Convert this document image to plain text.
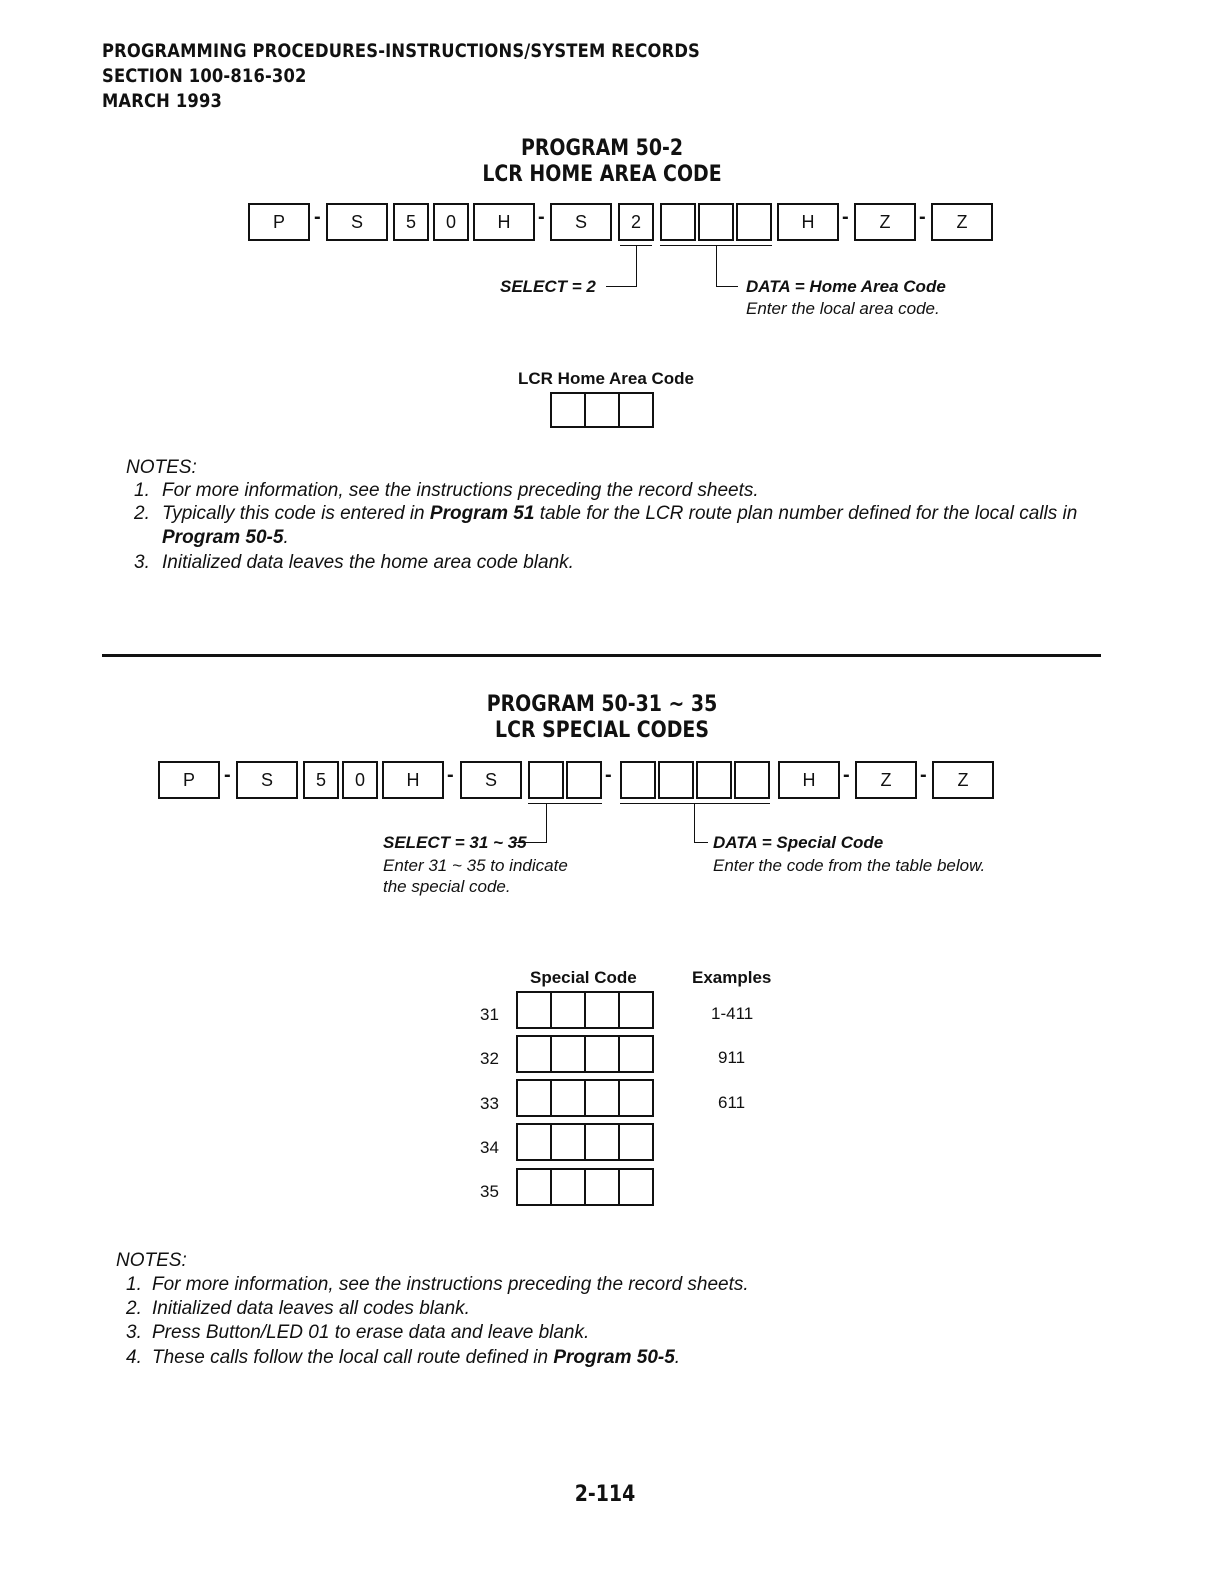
PROGRAMMING PROCEDURES-INSTRUCTIONS/SYSTEM RECORDS
SECTION 100-816-302
MARCH 1993
PROGRAM 50-2
LCR HOME AREA CODE
P	-	S	5	0	H	-	S	2	H	-	Z	-	Z
SELECT = 2	DATA = Home Area Code
Enter the local area code.
LCR Home Area Code
NOTES:
1. For more information, see the instructions preceding the record sheets.
2. Typically this code is entered in Program 51 table for the LCR route plan number defined for the local calls in
Program 50-5.
3. Initialized data leaves the home area code blank.
PROGRAM 50-31 ~ 35
LCR SPECIAL CODES
P	-	S	5	0	H	-	S	-	H	-	Z	-	Z
SELECT = 31 ~ 35
Enter 31 ~ 35 to indicate
the special code.
DATA = Special Code
Enter the code from the table below.
Special Code	Examples
31	1-411
32	911
33	611
34
35
NOTES:
1. For more information, see the instructions preceding the record sheets.
2. Initialized data leaves all codes blank.
3. Press Button/LED 01 to erase data and leave blank.
4. These calls follow the local call route defined in Program 50-5.
2-114
